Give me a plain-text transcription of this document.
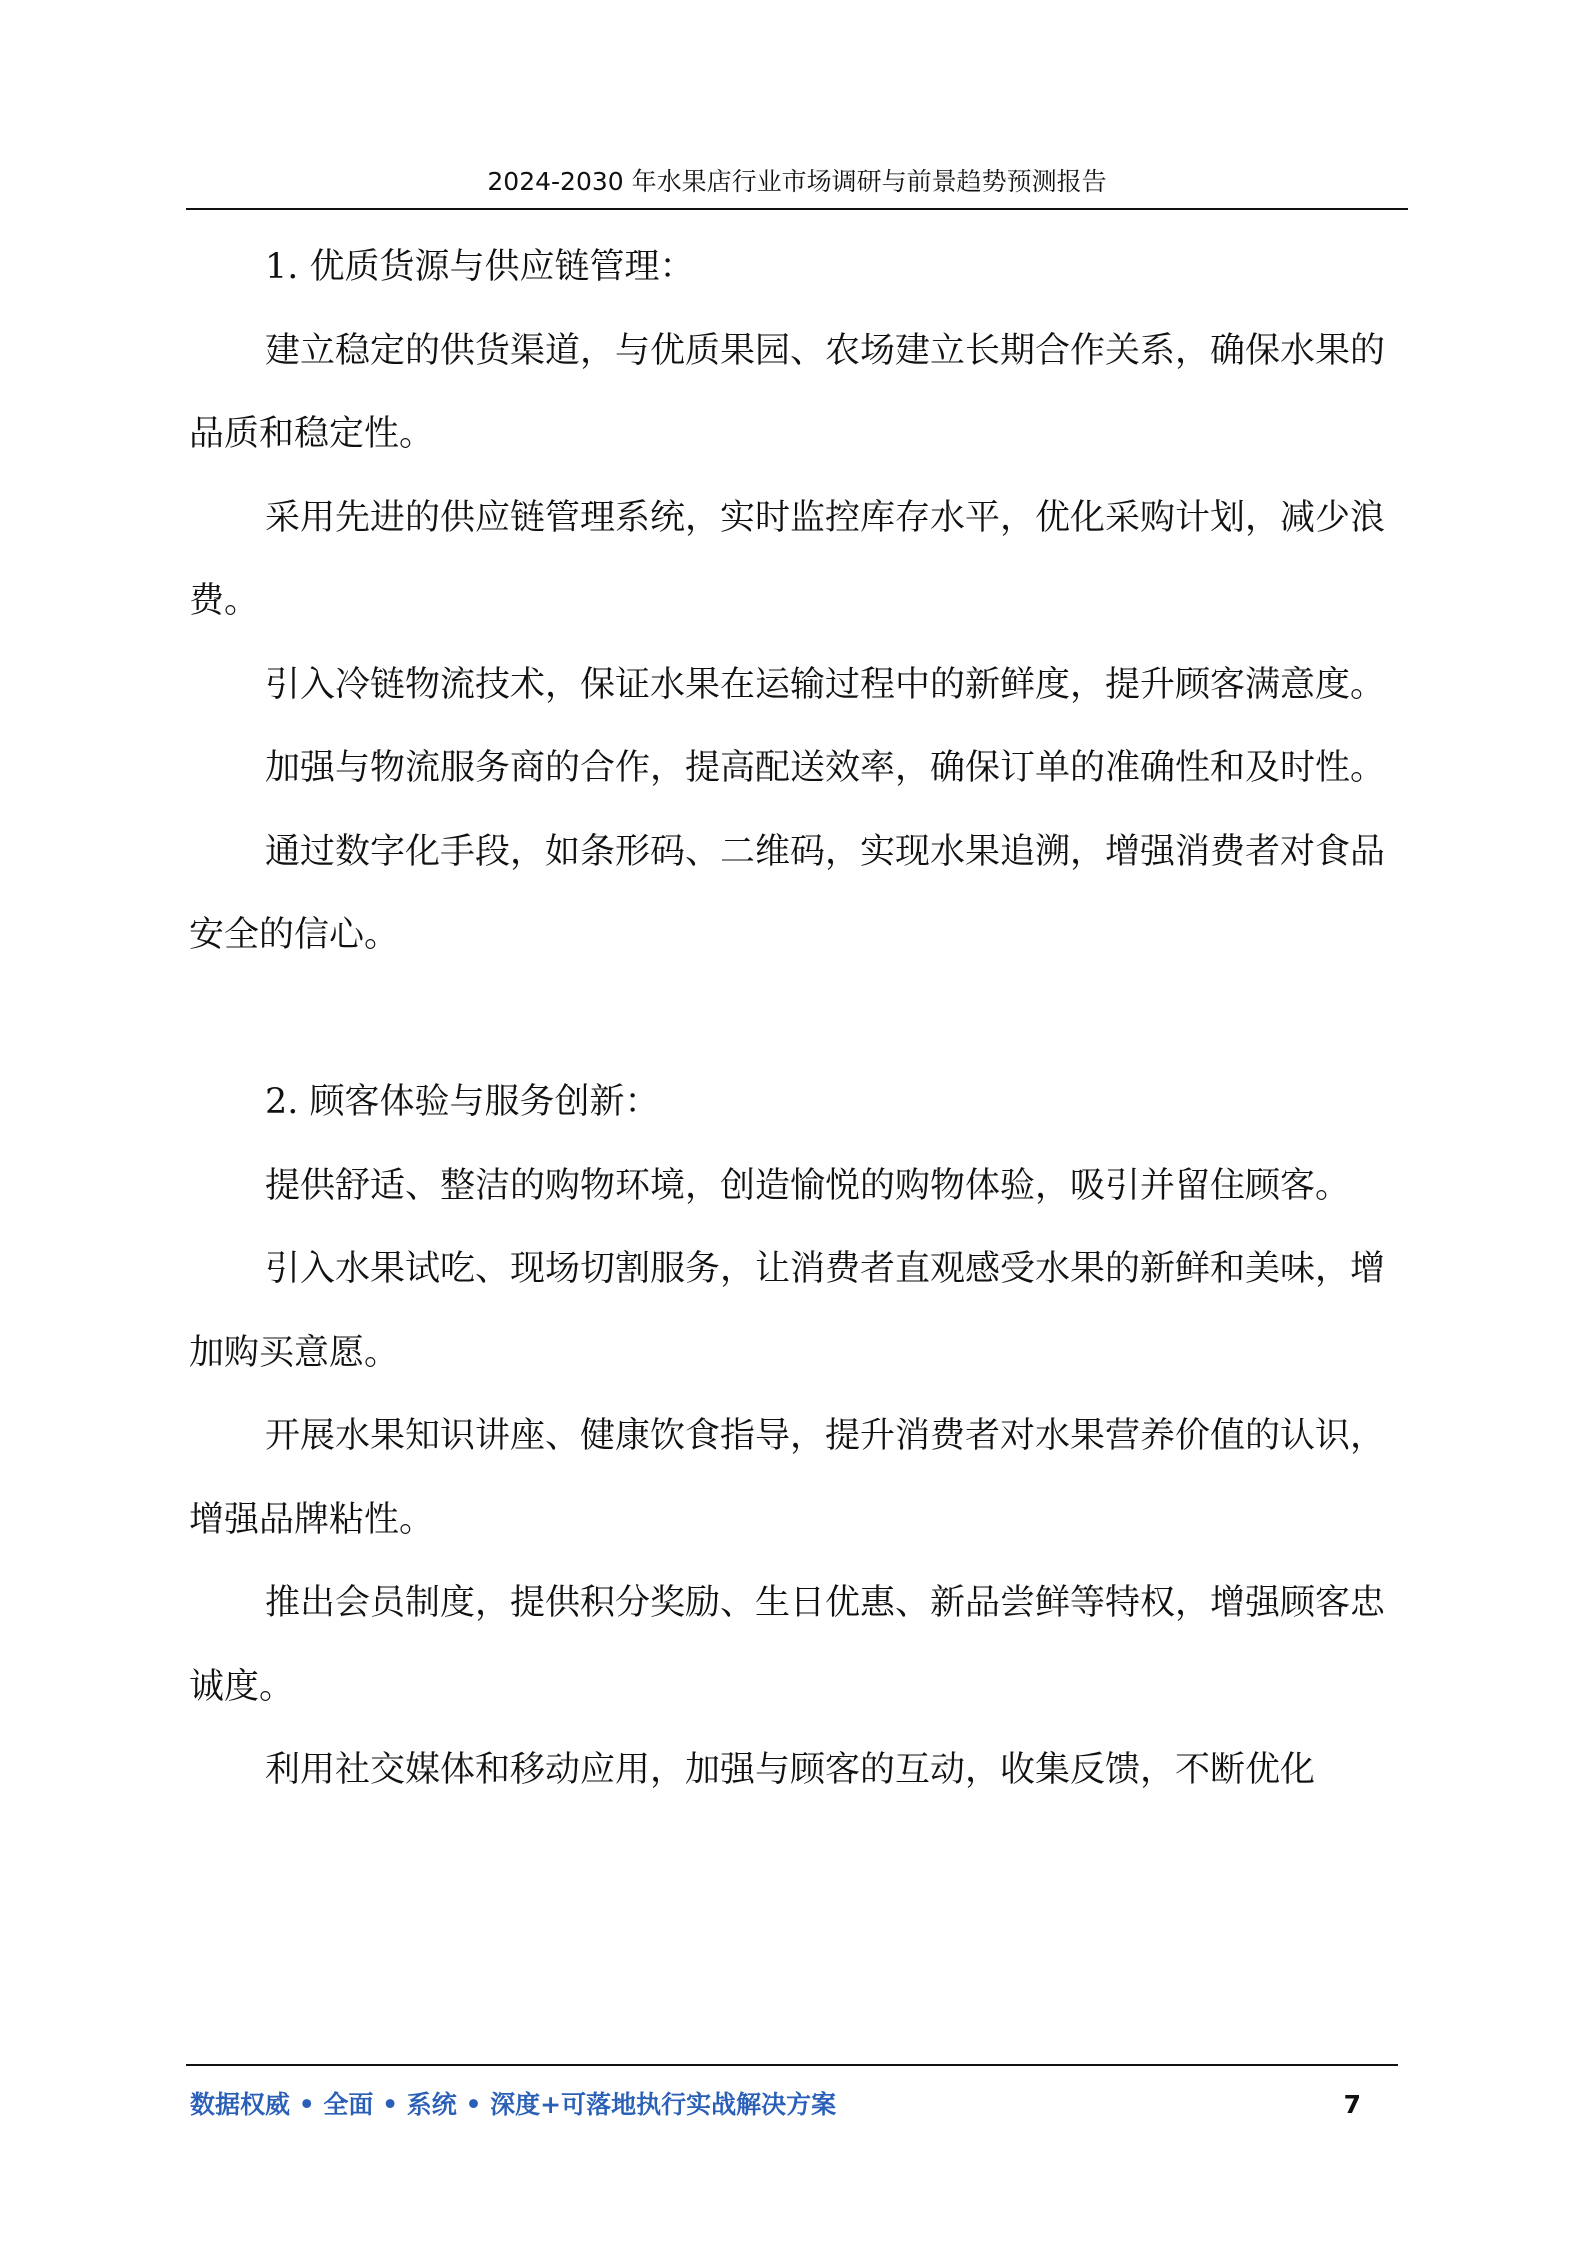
2024-2030 年水果店行业市场调研与前景趋势预测报告

1. 优质货源与供应链管理：

建立稳定的供货渠道，与优质果园、农场建立长期合作关系，确保水果的品质和稳定性。

采用先进的供应链管理系统，实时监控库存水平，优化采购计划，减少浪费。

引入冷链物流技术，保证水果在运输过程中的新鲜度，提升顾客满意度。

加强与物流服务商的合作，提高配送效率，确保订单的准确性和及时性。

通过数字化手段，如条形码、二维码，实现水果追溯，增强消费者对食品安全的信心。

2. 顾客体验与服务创新：

提供舒适、整洁的购物环境，创造愉悦的购物体验，吸引并留住顾客。

引入水果试吃、现场切割服务，让消费者直观感受水果的新鲜和美味，增加购买意愿。

开展水果知识讲座、健康饮食指导，提升消费者对水果营养价值的认识，增强品牌粘性。

推出会员制度，提供积分奖励、生日优惠、新品尝鲜等特权，增强顾客忠诚度。

利用社交媒体和移动应用，加强与顾客的互动，收集反馈，不断优化

数据权威 • 全面 • 系统 • 深度+可落地执行实战解决方案	7
